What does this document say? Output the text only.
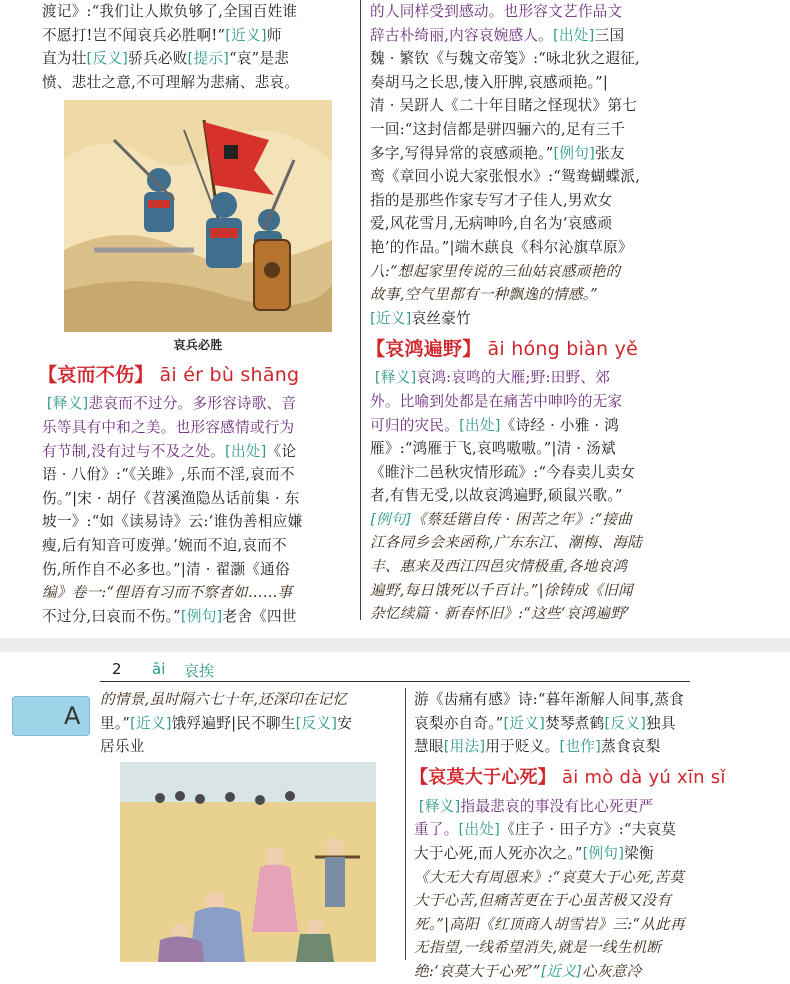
渡记》:“我们让人欺负够了,全国百姓谁
不愿打!岂不闻哀兵必胜啊!”[近义]师
直为壮[反义]骄兵必败[提示]“哀”是悲
愤、悲壮之意,不可理解为悲痛、悲哀。
哀兵必胜
【哀而不伤】 āi ér bù shāng
[释义]悲哀而不过分。多形容诗歌、音
乐等具有中和之美。也形容感情或行为
有节制,没有过与不及之处。[出处]《论
语 · 八佾》:“《关雎》,乐而不淫,哀而不
伤。”|宋 · 胡仔《苕溪渔隐丛话前集 · 东
坡一》:“如《读易诗》云:‘谁伪善相应嫌
瘦,后有知音可废弹。’婉而不迫,哀而不
伤,所作自不必多也。”|清 · 翟灏《通俗
编》卷一:“俚语有习而不察者如……事
不过分,曰哀而不伤。”[例句]老舍《四世
的人同样受到感动。也形容文艺作品文
辞古朴绮丽,内容哀婉感人。[出处]三国
魏 · 繁钦《与魏文帝笺》:“咏北狄之遐征,
奏胡马之长思,悽入肝脾,哀感顽艳。”|
清 · 吴趼人《二十年目睹之怪现状》第七
一回:“这封信都是骈四骊六的,足有三千
多字,写得异常的哀感顽艳。”[例句]张友
鸾《章回小说大家张恨水》:“鸳鸯蝴蝶派,
指的是那些作家专写才子佳人,男欢女
爱,风花雪月,无病呻吟,自名为‘哀感顽
艳’的作品。”|端木蕻良《科尔沁旗草原》
八:“想起家里传说的三仙姑哀感顽艳的
故事,空气里都有一种飘逸的情感。”
[近义]哀丝豪竹
【哀鸿遍野】 āi hóng biàn yě
[释义]哀鸿:哀鸣的大雁;野:田野、郊
外。比喻到处都是在痛苦中呻吟的无家
可归的灾民。[出处]《诗经 · 小雅 · 鸿
雁》:“鸿雁于飞,哀鸣嗷嗷。”|清 · 汤斌
《睢汴二邑秋灾情形疏》:“今春卖儿卖女
者,有售无受,以故哀鸿遍野,硕鼠兴歌。”
[例句]《蔡廷锴自传 · 困苦之年》:“接曲
江各同乡会来函称,广东东江、潮梅、海陆
丰、惠来及西江四邑灾情极重,各地哀鸿
遍野,每日饿死以千百计。”|徐铸成《旧闻
杂忆续篇 · 新春怀旧》:“这些‘哀鸿遍野’
2 āi 哀挨
A
的情景,虽时隔六七十年,还深印在记忆
里。”[近义]饿殍遍野|民不聊生[反义]安
居乐业
游《齿痛有感》诗:“暮年渐解人间事,蒸食
哀梨亦自奇。”[近义]焚琴煮鹤[反义]独具
慧眼[用法]用于贬义。[也作]蒸食哀梨
【哀莫大于心死】 āi mò dà yú xīn sǐ
[释义]指最悲哀的事没有比心死更严
重了。[出处]《庄子 · 田子方》:“夫哀莫
大于心死,而人死亦次之。”[例句]梁衡
《大无大有周恩来》:“哀莫大于心死,苦莫
大于心苦,但痛苦更在于心虽苦极又没有
死。”|高阳《红顶商人胡雪岩》三:“从此再
无指望,一线希望消失,就是一线生机断
绝:‘哀莫大于心死’”[近义]心灰意冷
